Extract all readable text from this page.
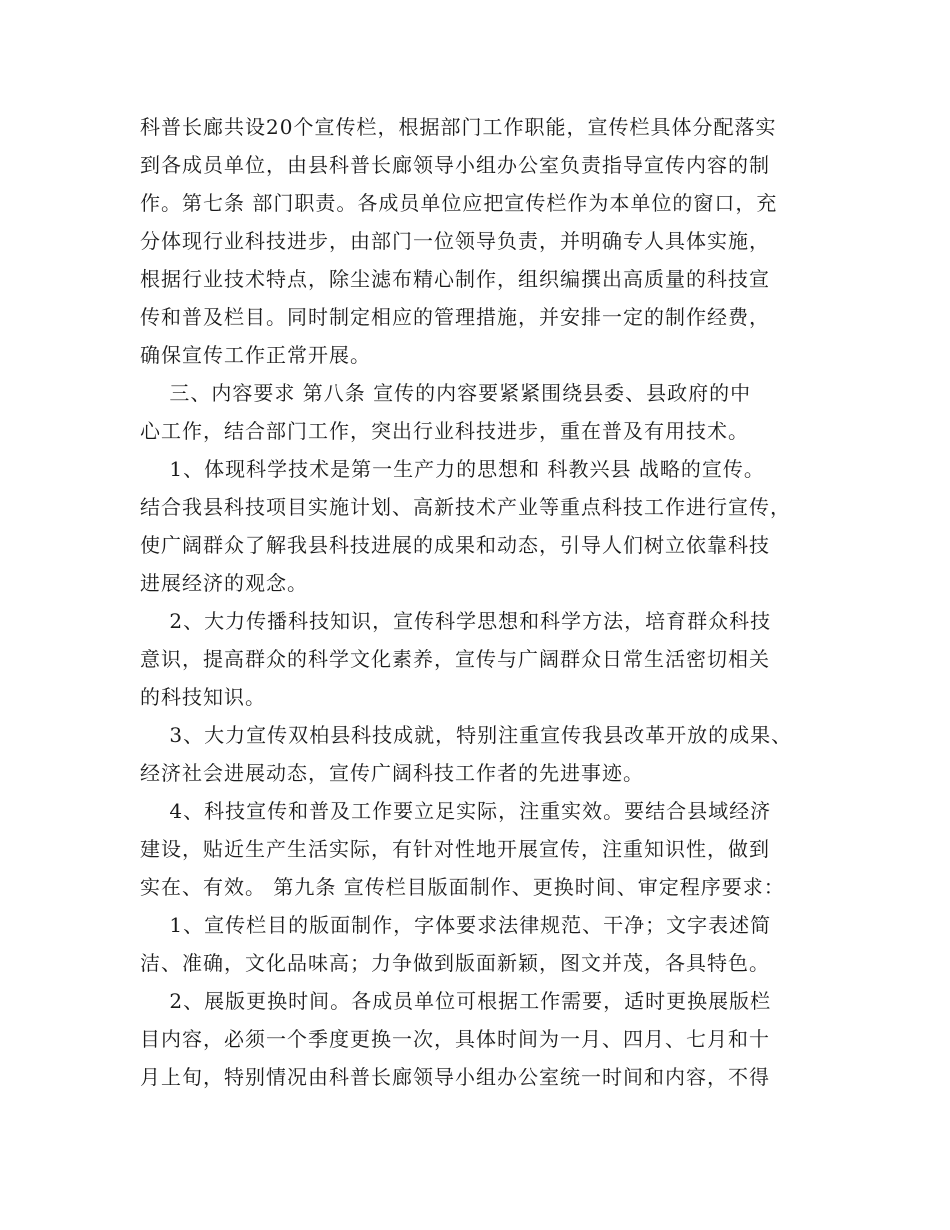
科普长廊共设20个宣传栏，根据部门工作职能，宣传栏具体分配落实
到各成员单位，由县科普长廊领导小组办公室负责指导宣传内容的制
作。第七条 部门职责。各成员单位应把宣传栏作为本单位的窗口，充
分体现行业科技进步，由部门一位领导负责，并明确专人具体实施，
根据行业技术特点，除尘滤布精心制作，组织编撰出高质量的科技宣
传和普及栏目。同时制定相应的管理措施，并安排一定的制作经费，
确保宣传工作正常开展。
三、内容要求 第八条 宣传的内容要紧紧围绕县委、县政府的中
心工作，结合部门工作，突出行业科技进步，重在普及有用技术。
1、体现科学技术是第一生产力的思想和 科教兴县 战略的宣传。
结合我县科技项目实施计划、高新技术产业等重点科技工作进行宣传，
使广阔群众了解我县科技进展的成果和动态，引导人们树立依靠科技
进展经济的观念。
2、大力传播科技知识，宣传科学思想和科学方法，培育群众科技
意识，提高群众的科学文化素养，宣传与广阔群众日常生活密切相关
的科技知识。
3、大力宣传双柏县科技成就，特别注重宣传我县改革开放的成果、
经济社会进展动态，宣传广阔科技工作者的先进事迹。
4、科技宣传和普及工作要立足实际，注重实效。要结合县域经济
建设，贴近生产生活实际，有针对性地开展宣传，注重知识性，做到
实在、有效。 第九条 宣传栏目版面制作、更换时间、审定程序要求：
1、宣传栏目的版面制作，字体要求法律规范、干净；文字表述简
洁、准确，文化品味高；力争做到版面新颖，图文并茂，各具特色。
2、展版更换时间。各成员单位可根据工作需要，适时更换展版栏
目内容，必须一个季度更换一次，具体时间为一月、四月、七月和十
月上旬，特别情况由科普长廊领导小组办公室统一时间和内容，不得
